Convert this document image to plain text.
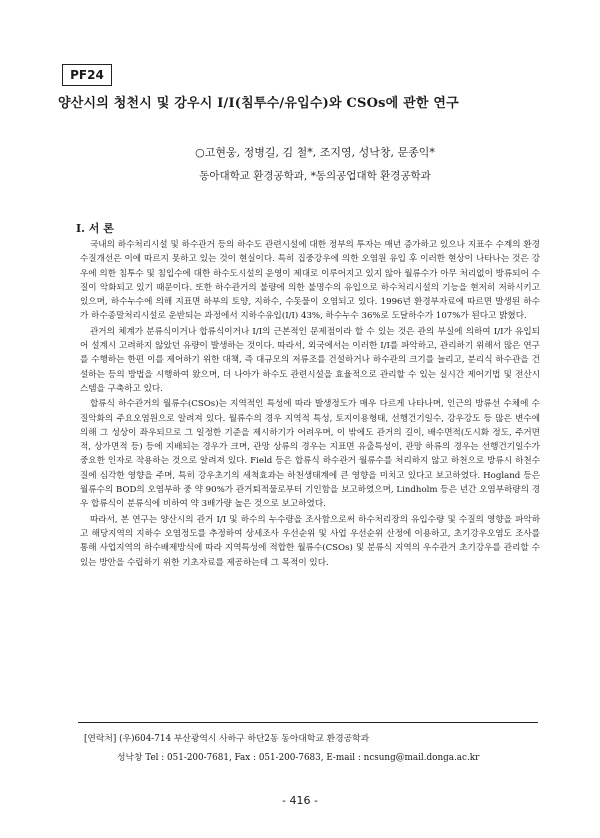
PF24
양산시의 청천시 및 강우시 I/I(침투수/유입수)와 CSOs에 관한 연구
○고현웅, 정병길, 김 철*, 조지영, 성낙창, 문종익*
동아대학교 환경공학과, *동의공업대학 환경공학과
I. 서 론

국내의 하수처리시설 및 하수관거 등의 하수도 관련시설에 대한 정부의 투자는 매년 증가하고 있으나 지표수 수계의 환경 수질개선은 이에 따르지 못하고 있는 것이 현실이다. 특히 집중강우에 의한 오염원 유입 후 이러한 현상이 나타나는 것은 강우에 의한 침투수 및 침입수에 대한 하수도시설의 운영이 제대로 이루어지고 있지 않아 월류수가 아무 처리없이 방류되어 수질이 악화되고 있기 때문이다. 또한 하수관거의 불량에 의한 불명수의 유입으로 하수처리시설의 기능을 현저히 저하시키고 있으며, 하수누수에 의해 지표면 하부의 토양, 지하수, 수돗물이 오염되고 있다. 1996년 환경부자료에 따르면 발생된 하수가 하수종말처리시설로 운반되는 과정에서 지하수유입(I/I) 43%, 하수누수 36%로 도달하수가 107%가 된다고 밝혔다.

관거의 체계가 분류식이거나 합류식이거나 I/I의 근본적인 문제점이라 할 수 있는 것은 관의 부실에 의하여 I/I가 유입되어 설계시 고려하지 않았던 유량이 발생하는 것이다. 따라서, 외국에서는 이러한 I/I를 파악하고, 관리하기 위해서 많은 연구를 수행하는 한편 이를 제어하기 위한 대책, 즉 대규모의 저류조를 건설하거나 하수관의 크기를 늘리고, 분리식 하수관을 건설하는 등의 방법을 시행하여 왔으며, 더 나아가 하수도 관련시설을 효율적으로 관리할 수 있는 실시간 제어기법 및 전산시스템을 구축하고 있다.

합류식 하수관거의 월류수(CSOs)는 지역적인 특성에 따라 발생정도가 매우 다르게 나타나며, 인근의 방류선 수체에 수질악화의 주요오염원으로 알려져 있다. 월류수의 경우 지역적 특성, 토지이용형태, 선행건기일수, 강우강도 등 많은 변수에 의해 그 성상이 좌우되므로 그 일정한 기준을 제시하기가 어려우며, 이 밖에도 관거의 길이, 배수면적(도시화 정도, 주거면적, 상가면적 등) 등에 지배되는 경우가 크며, 관망 상류의 경우는 지표면 유출특성이, 관망 하류의 경우는 선행건기일수가 중요한 인자로 작용하는 것으로 알려져 있다. Field 등은 합류식 하수관거 월류수를 처리하지 않고 하천으로 방류시 하천수질에 심각한 영향을 주며, 특히 강우초기의 세척효과는 하천생태계에 큰 영향을 미치고 있다고 보고하였다. Hogland 등은 월류수의 BOD의 오염부하 중 약 90%가 관거퇴적물로부터 기인함을 보고하였으며, Lindholm 등은 년간 오염부하량의 경우 합류식이 분류식에 비하여 약 3배가량 높은 것으로 보고하였다.

따라서, 본 연구는 양산시의 관거 I/I 및 하수의 누수량을 조사함으로써 하수처리장의 유입수량 및 수질의 영향을 파악하고 해당지역의 지하수 오염정도를 추정하여 상세조사 우선순위 및 사업 우선순위 산정에 이용하고, 초기강우오염도 조사를 통해 사업지역의 하수배제방식에 따라 지역특성에 적합한 월류수(CSOs) 및 분류식 지역의 우수관거 초기강우를 관리할 수 있는 방안을 수립하기 위한 기초자료를 제공하는데 그 목적이 있다.

[연락처] (우)604-714 부산광역시 사하구 하단2동 동아대학교 환경공학과
성낙창 Tel : 051-200-7681, Fax : 051-200-7683, E-mail : ncsung@mail.donga.ac.kr
- 416 -
